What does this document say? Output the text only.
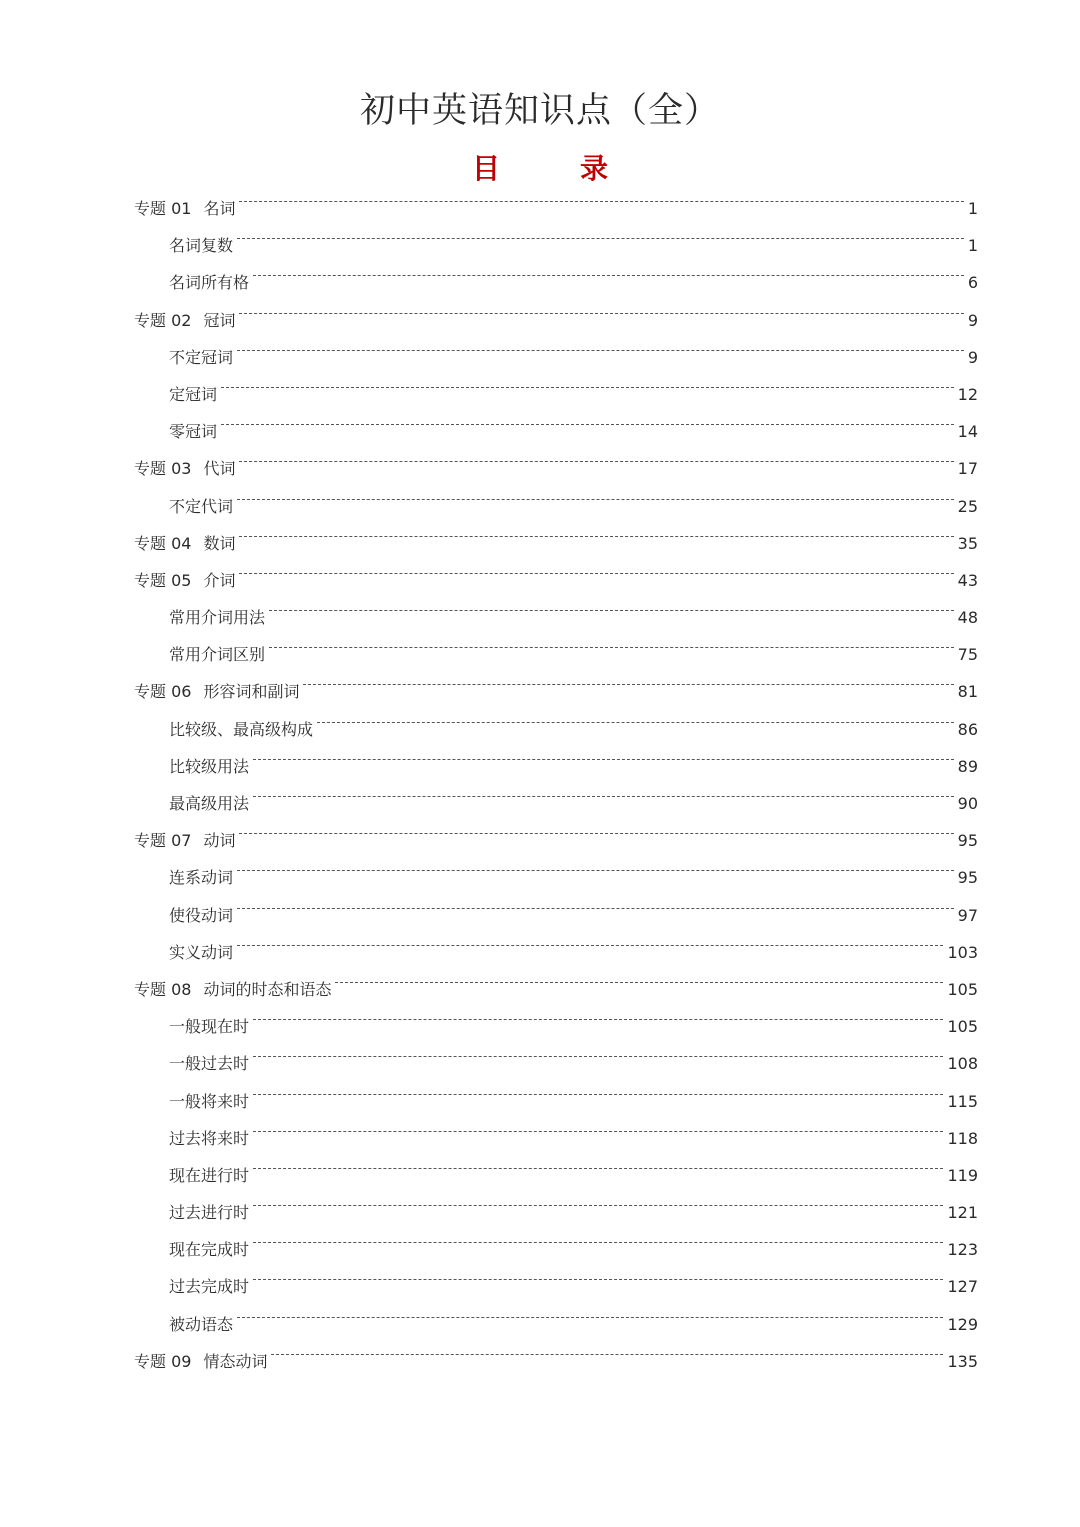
初中英语知识点（全）
目	录
专题 01 名词	1
名词复数	1
名词所有格	6
专题 02 冠词	9
不定冠词	9
定冠词	12
零冠词	14
专题 03 代词	17
不定代词	25
专题 04 数词	35
专题 05 介词	43
常用介词用法	48
常用介词区别	75
专题 06 形容词和副词	81
比较级、最高级构成	86
比较级用法	89
最高级用法	90
专题 07 动词	95
连系动词	95
使役动词	97
实义动词	103
专题 08 动词的时态和语态	105
一般现在时	105
一般过去时	108
一般将来时	115
过去将来时	118
现在进行时	119
过去进行时	121
现在完成时	123
过去完成时	127
被动语态	129
专题 09 情态动词	135
